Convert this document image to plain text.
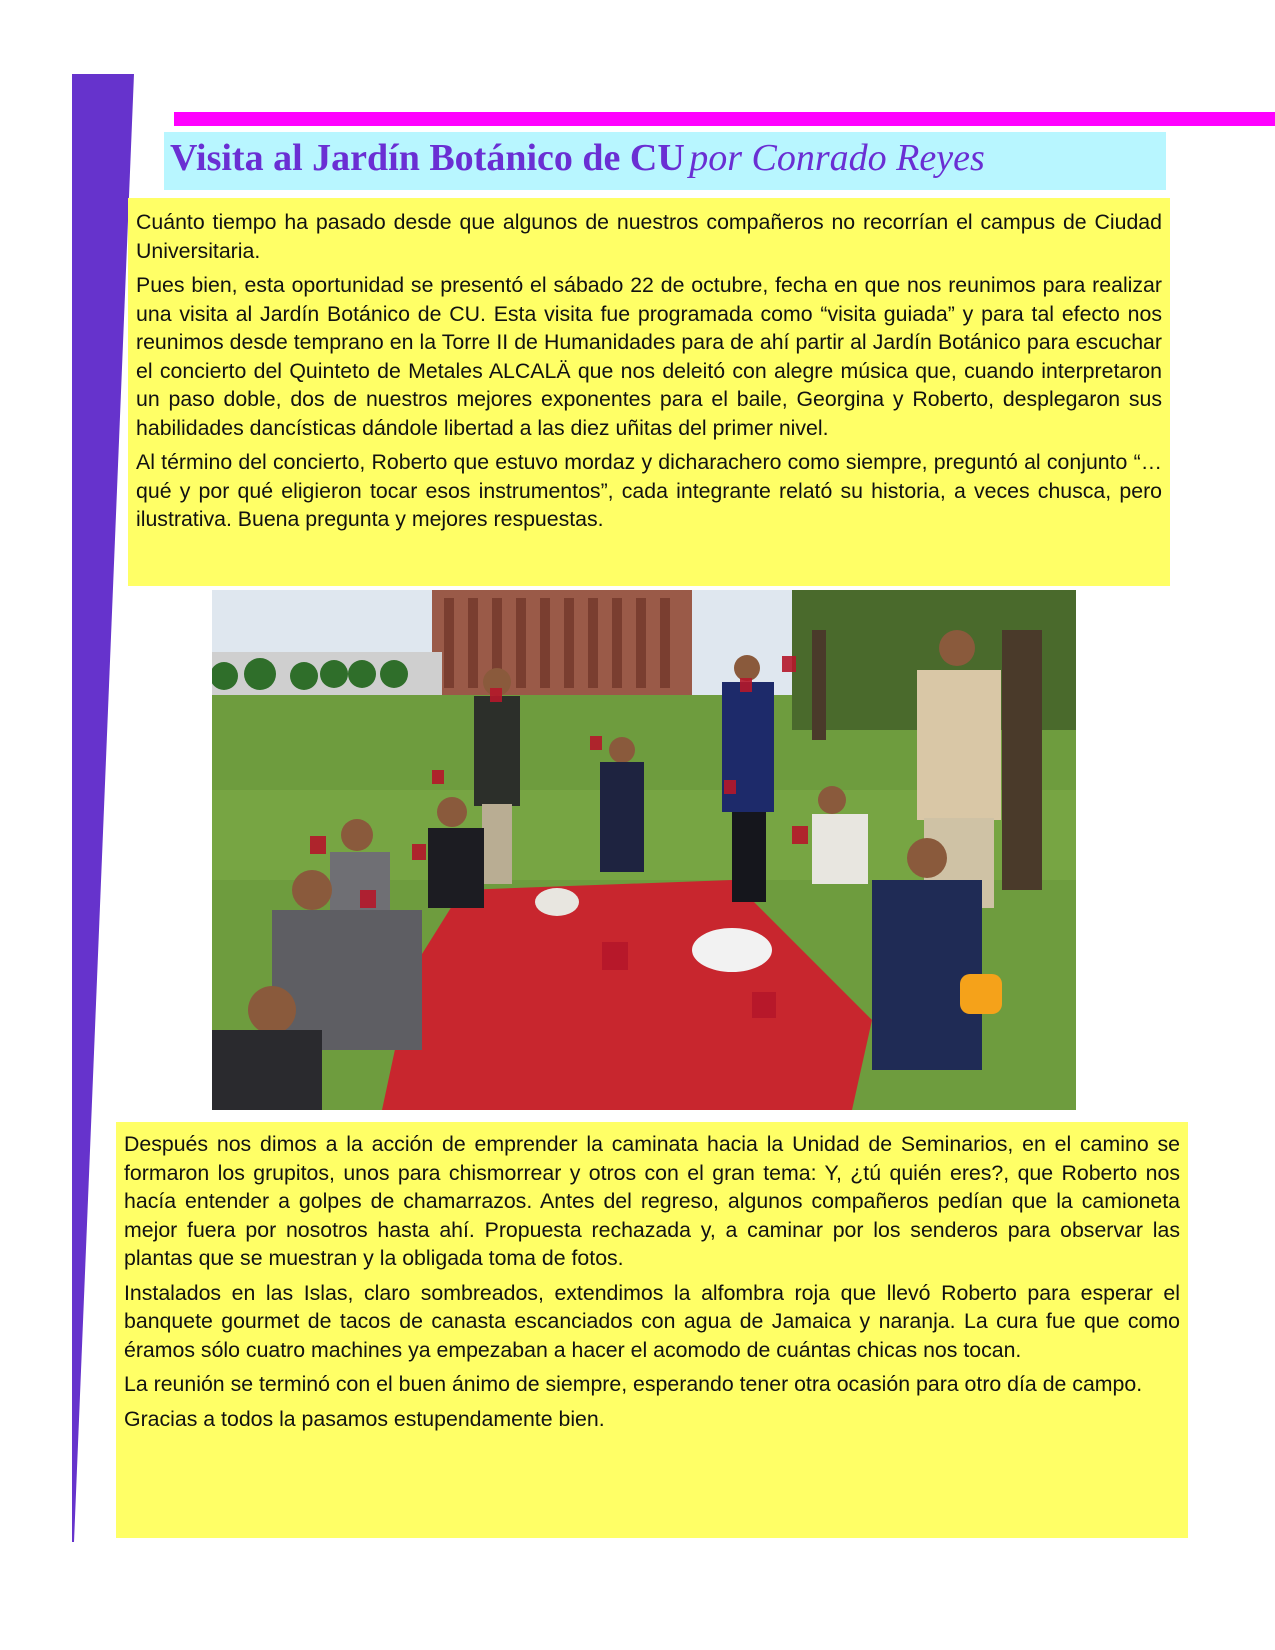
Visita al Jardín Botánico de CU por Conrado Reyes

Cuánto tiempo ha pasado desde que algunos de nuestros compañeros no recorrían el campus de Ciudad Universitaria.

Pues bien, esta oportunidad se presentó el sábado 22 de octubre, fecha en que nos reunimos para realizar una visita al Jardín Botánico de CU. Esta visita fue programada como “visita guiada” y para tal efecto nos reunimos desde temprano en la Torre II de Humanidades para de ahí partir al Jardín Botánico para escuchar el concierto del Quinteto de Metales ALCALÄ que nos deleitó con alegre música que, cuando interpretaron un paso doble, dos de nuestros mejores exponentes para el baile, Georgina y Roberto, desplegaron sus habilidades dancísticas dándole libertad a las diez uñitas del primer nivel.

Al término del concierto, Roberto que estuvo mordaz y dicharachero como siempre, preguntó al conjunto “… qué y por qué eligieron tocar esos instrumentos”, cada integrante relató su historia, a veces chusca, pero ilustrativa. Buena pregunta y mejores respuestas.

Después nos dimos a la acción de emprender la caminata hacia la Unidad de Seminarios, en el camino se formaron los grupitos, unos para chismorrear y otros con el gran tema: Y, ¿tú quién eres?, que Roberto nos hacía entender a golpes de chamarrazos. Antes del regreso, algunos compañeros pedían que la camioneta mejor fuera por nosotros hasta ahí. Propuesta rechazada y, a caminar por los senderos para observar las plantas que se muestran y la obligada toma de fotos.

Instalados en las Islas, claro sombreados, extendimos la alfombra roja que llevó Roberto para esperar el banquete gourmet de tacos de canasta escanciados con agua de Jamaica y naranja. La cura fue que como éramos sólo cuatro machines ya empezaban a hacer el acomodo de cuántas chicas nos tocan.

La reunión se terminó con el buen ánimo de siempre, esperando tener otra ocasión para otro día de campo.

Gracias a todos la pasamos estupendamente bien.
